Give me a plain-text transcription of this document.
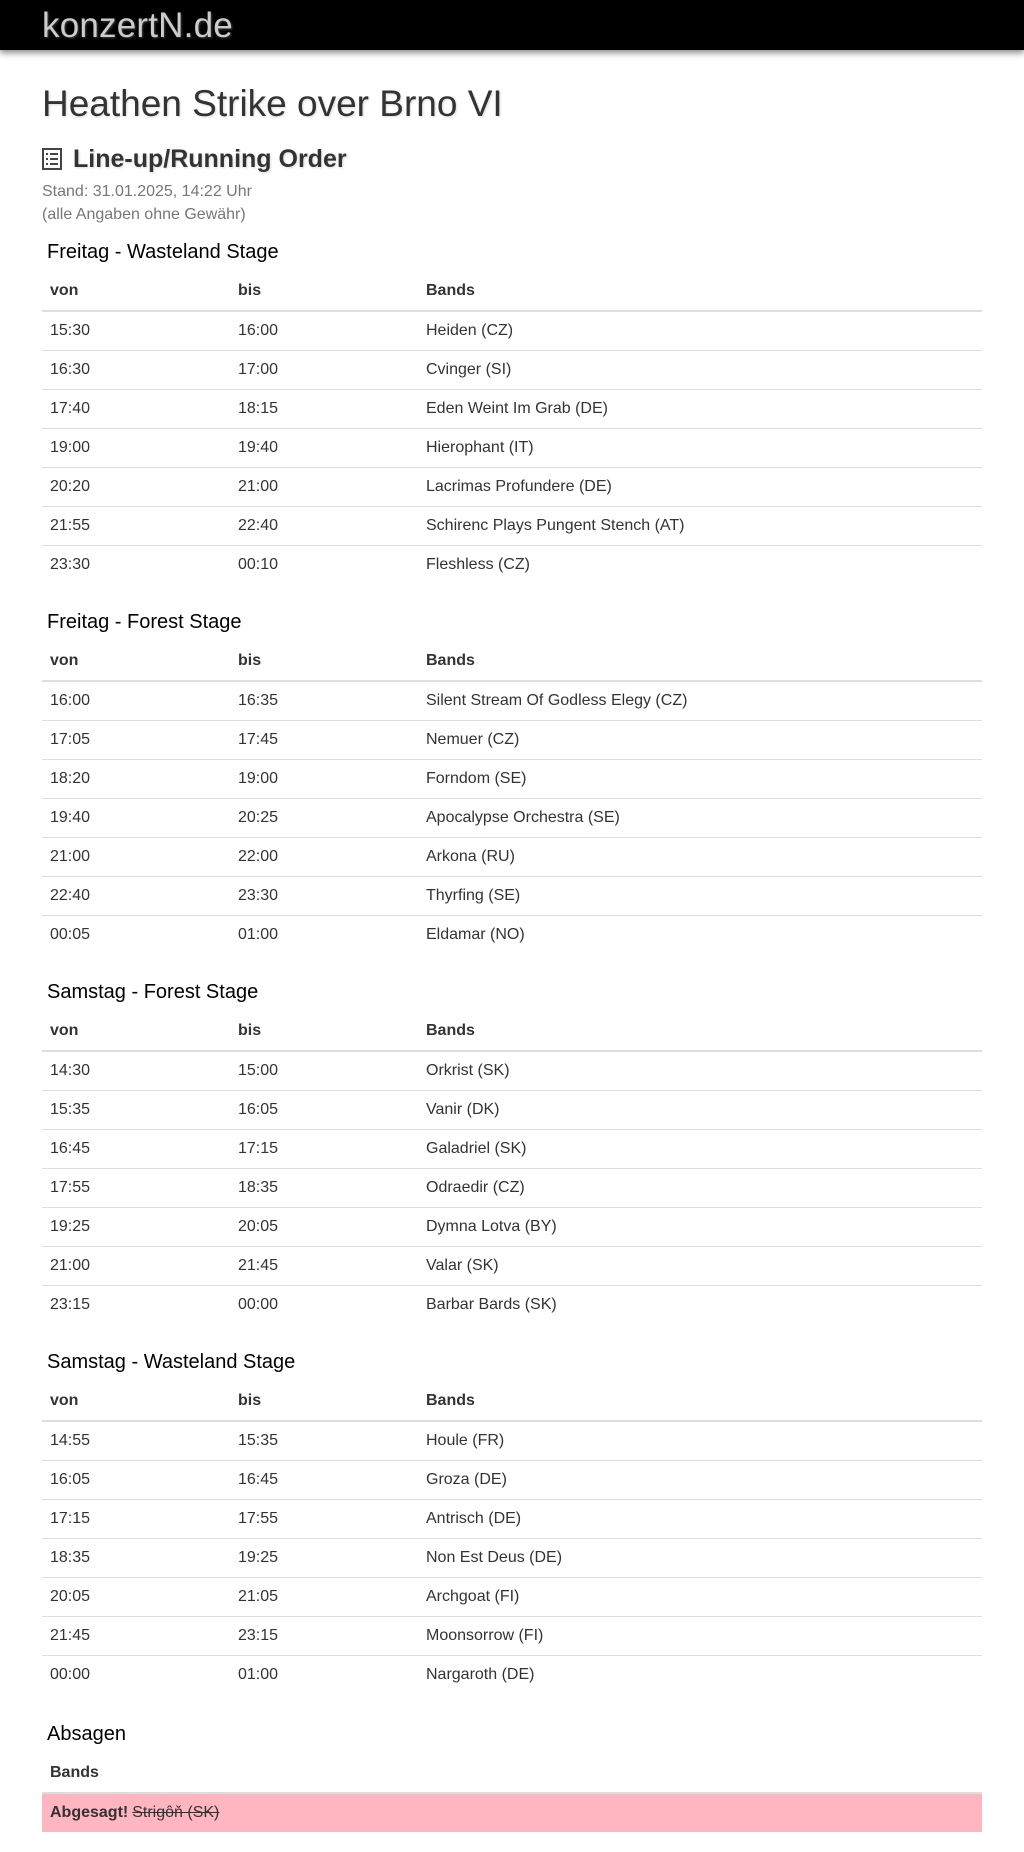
konzertN.de
Heathen Strike over Brno VI
Line-up/Running Order
Stand: 31.01.2025, 14:22 Uhr
(alle Angaben ohne Gewähr)
Freitag - Wasteland Stage
von	bis	Bands
15:30	16:00	Heiden (CZ)
16:30	17:00	Cvinger (SI)
17:40	18:15	Eden Weint Im Grab (DE)
19:00	19:40	Hierophant (IT)
20:20	21:00	Lacrimas Profundere (DE)
21:55	22:40	Schirenc Plays Pungent Stench (AT)
23:30	00:10	Fleshless (CZ)
Freitag - Forest Stage
von	bis	Bands
16:00	16:35	Silent Stream Of Godless Elegy (CZ)
17:05	17:45	Nemuer (CZ)
18:20	19:00	Forndom (SE)
19:40	20:25	Apocalypse Orchestra (SE)
21:00	22:00	Arkona (RU)
22:40	23:30	Thyrfing (SE)
00:05	01:00	Eldamar (NO)
Samstag - Forest Stage
von	bis	Bands
14:30	15:00	Orkrist (SK)
15:35	16:05	Vanir (DK)
16:45	17:15	Galadriel (SK)
17:55	18:35	Odraedir (CZ)
19:25	20:05	Dymna Lotva (BY)
21:00	21:45	Valar (SK)
23:15	00:00	Barbar Bards (SK)
Samstag - Wasteland Stage
von	bis	Bands
14:55	15:35	Houle (FR)
16:05	16:45	Groza (DE)
17:15	17:55	Antrisch (DE)
18:35	19:25	Non Est Deus (DE)
20:05	21:05	Archgoat (FI)
21:45	23:15	Moonsorrow (FI)
00:00	01:00	Nargaroth (DE)
Absagen
Bands
Abgesagt! Strigôň (SK)
